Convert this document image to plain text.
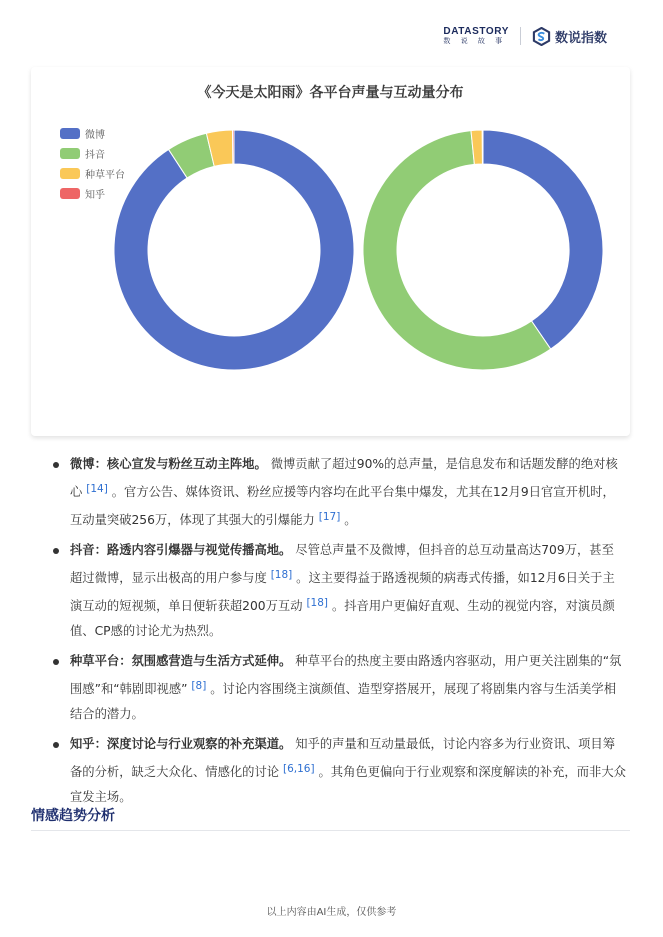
DATASTORY
数 说 故 事	数说指数
《今天是太阳雨》各平台声量与互动量分布
微博
抖音
种草平台
知乎
微博：核心宣发与粉丝互动主阵地。 微博贡献了超过90%的总声量，是信息发布和话题发酵的绝对核心 [14] 。官方公告、媒体资讯、粉丝应援等内容均在此平台集中爆发，尤其在12月9日官宣开机时，互动量突破256万，体现了其强大的引爆能力 [17] 。
抖音：路透内容引爆器与视觉传播高地。 尽管总声量不及微博，但抖音的总互动量高达709万，甚至超过微博，显示出极高的用户参与度 [18] 。这主要得益于路透视频的病毒式传播，如12月6日关于主演互动的短视频，单日便斩获超200万互动 [18] 。抖音用户更偏好直观、生动的视觉内容，对演员颜值、CP感的讨论尤为热烈。
种草平台：氛围感营造与生活方式延伸。 种草平台的热度主要由路透内容驱动，用户更关注剧集的“氛围感”和“韩剧即视感” [8] 。讨论内容围绕主演颜值、造型穿搭展开，展现了将剧集内容与生活美学相结合的潜力。
知乎：深度讨论与行业观察的补充渠道。 知乎的声量和互动量最低，讨论内容多为行业资讯、项目筹备的分析，缺乏大众化、情感化的讨论 [6,16] 。其角色更偏向于行业观察和深度解读的补充，而非大众宣发主场。
情感趋势分析
以上内容由AI生成，仅供参考
